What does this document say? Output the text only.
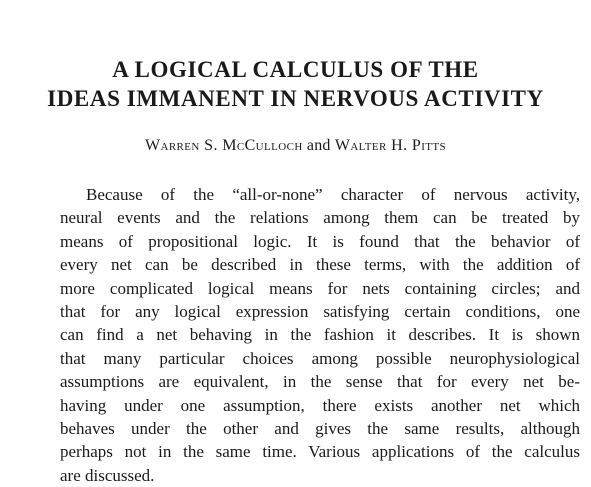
A LOGICAL CALCULUS OF THE
IDEAS IMMANENT IN NERVOUS ACTIVITY
Warren S. McCulloch and Walter H. Pitts
Because of the “all-or-none” character of nervous activity,
neural events and the relations among them can be treated by
means of propositional logic. It is found that the behavior of
every net can be described in these terms, with the addition of
more complicated logical means for nets containing circles; and
that for any logical expression satisfying certain conditions, one
can find a net behaving in the fashion it describes. It is shown
that many particular choices among possible neurophysiological
assumptions are equivalent, in the sense that for every net be-
having under one assumption, there exists another net which
behaves under the other and gives the same results, although
perhaps not in the same time. Various applications of the calculus
are discussed.
